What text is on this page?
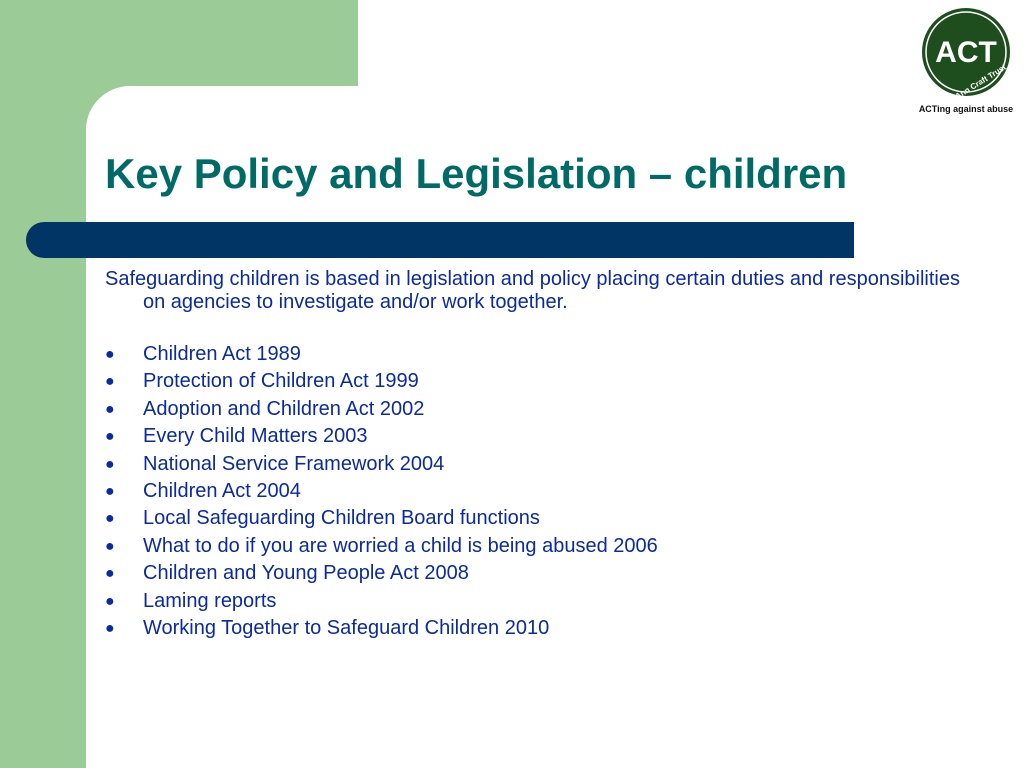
ACT
Ann Craft Trust
ACTing against abuse
Key Policy and Legislation – children

Safeguarding children is based in legislation and policy placing certain duties and responsibilities on agencies to investigate and/or work together.

●	Children Act 1989
●	Protection of Children Act 1999
●	Adoption and Children Act 2002
●	Every Child Matters 2003
●	National Service Framework 2004
●	Children Act 2004
●	Local Safeguarding Children Board functions
●	What to do if you are worried a child is being abused 2006
●	Children and Young People Act 2008
●	Laming reports
●	Working Together to Safeguard Children 2010
